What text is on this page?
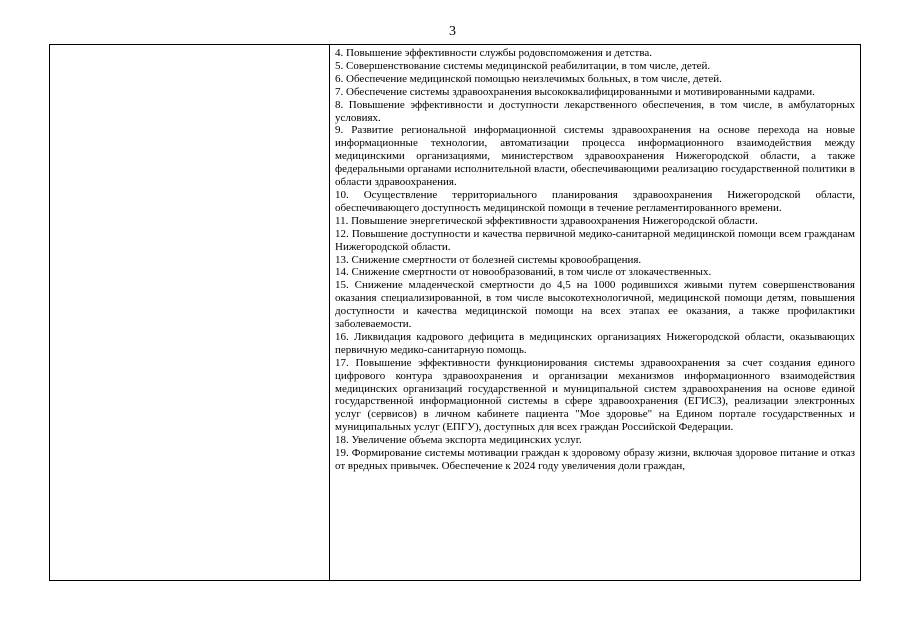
3

4. Повышение эффективности службы родовспоможения и детства.

5. Совершенствование системы медицинской реабилитации, в том числе, детей.

6. Обеспечение медицинской помощью неизлечимых больных, в том числе, детей.

7. Обеспечение системы здравоохранения высококвалифицированными и мотивированными кадрами.

8. Повышение эффективности и доступности лекарственного обеспечения, в том числе, в амбулаторных условиях.

9. Развитие региональной информационной системы здравоохранения на основе перехода на новые информационные технологии, автоматизации процесса информационного взаимодействия между медицинскими организациями, министерством здравоохранения Нижегородской области, а также федеральными органами исполнительной власти, обеспечивающими реализацию государственной политики в области здравоохранения.

10. Осуществление территориального планирования здравоохранения Нижегородской области, обеспечивающего доступность медицинской помощи в течение регламентированного времени.

11. Повышение энергетической эффективности здравоохранения Нижегородской области.

12. Повышение доступности и качества первичной медико-санитарной медицинской помощи всем гражданам Нижегородской области.

13. Снижение смертности от болезней системы кровообращения.

14. Снижение смертности от новообразований, в том числе от злокачественных.

15. Снижение младенческой смертности до 4,5 на 1000 родившихся живыми путем совершенствования оказания специализированной, в том числе высокотехнологичной, медицинской помощи детям, повышения доступности и качества медицинской помощи на всех этапах ее оказания, а также профилактики заболеваемости.

16. Ликвидация кадрового дефицита в медицинских организациях Нижегородской области, оказывающих первичную медико-санитарную помощь.

17. Повышение эффективности функционирования системы здравоохранения за счет создания единого цифрового контура здравоохранения и организации механизмов информационного взаимодействия медицинских организаций государственной и муниципальной систем здравоохранения на основе единой государственной информационной системы в сфере здравоохранения (ЕГИСЗ), реализации электронных услуг (сервисов) в личном кабинете пациента "Мое здоровье" на Едином портале государственных и муниципальных услуг (ЕПГУ), доступных для всех граждан Российской Федерации.

18. Увеличение объема экспорта медицинских услуг.

19. Формирование системы мотивации граждан к здоровому образу жизни, включая здоровое питание и отказ от вредных привычек. Обеспечение к 2024 году увеличения доли граждан,
